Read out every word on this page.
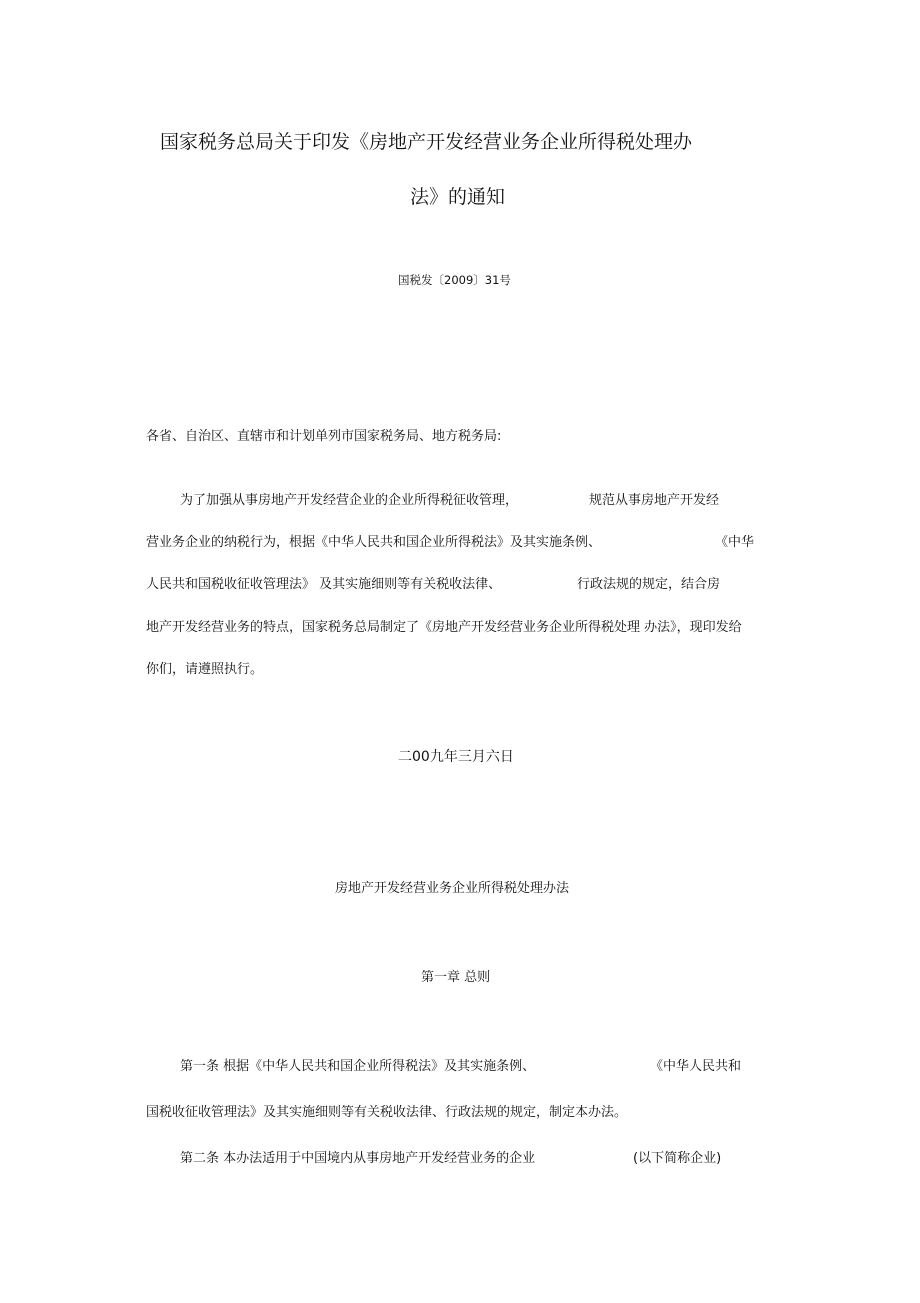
国家税务总局关于印发《房地产开发经营业务企业所得税处理办
法》的通知
国税发〔2009〕31号
各省、自治区、直辖市和计划单列市国家税务局、地方税务局:
为了加强从事房地产开发经营企业的企业所得税征收管理，	规范从事房地产开发经
营业务企业的纳税行为，根据《中华人民共和国企业所得税法》及其实施条例、	《中华
人民共和国税收征收管理法》 及其实施细则等有关税收法律、	行政法规的规定，结合房
地产开发经营业务的特点，国家税务总局制定了《房地产开发经营业务企业所得税处理 办法》，现印发给
你们，请遵照执行。
二00九年三月六日
房地产开发经营业务企业所得税处理办法
第一章 总则
第一条 根据《中华人民共和国企业所得税法》及其实施条例、	《中华人民共和
国税收征收管理法》及其实施细则等有关税收法律、行政法规的规定，制定本办法。
第二条 本办法适用于中国境内从事房地产开发经营业务的企业	(以下简称企业)
